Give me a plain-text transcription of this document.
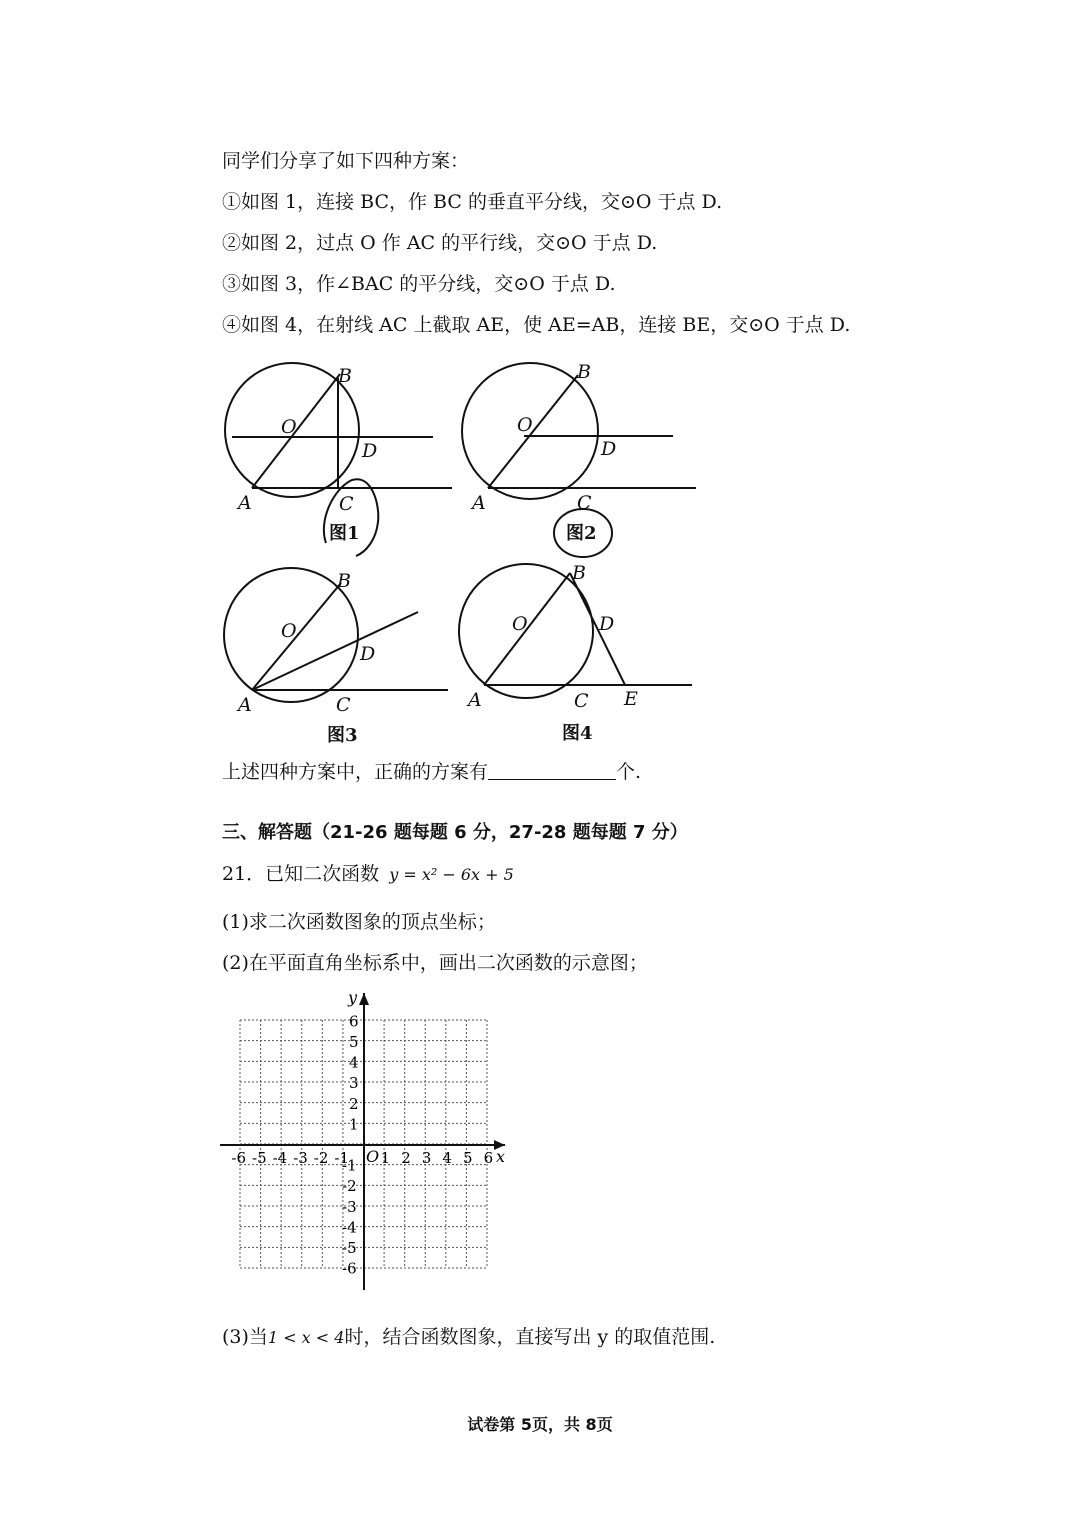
同学们分享了如下四种方案：
①如图 1，连接 BC，作 BC 的垂直平分线，交⊙O 于点 D.
②如图 2，过点 O 作 AC 的平行线，交⊙O 于点 D.
③如图 3，作∠BAC 的平分线，交⊙O 于点 D.
④如图 4，在射线 AC 上截取 AE，使 AE=AB，连接 BE，交⊙O 于点 D.
A
B
C
D
O
A
B
C
D
O
A
B
C
D
O
A
B
C
D
E
O
图1	图2
图3	图4
上述四种方案中，正确的方案有	个.
三、解答题（21-26 题每题 6 分，27-28 题每题 7 分）
21．已知二次函数 y = x² − 6x + 5
(1)求二次函数图象的顶点坐标；
(2)在平面直角坐标系中，画出二次函数的示意图；
x
y
O
-6 -5 -4 -3 -2 -1 1 2 3 4 5 6
6
5
4
3
2
1
-1
-2
-3
-4
-5
-6
(3)当1 < x < 4时，结合函数图象，直接写出 y 的取值范围.
试卷第 5页，共 8页
